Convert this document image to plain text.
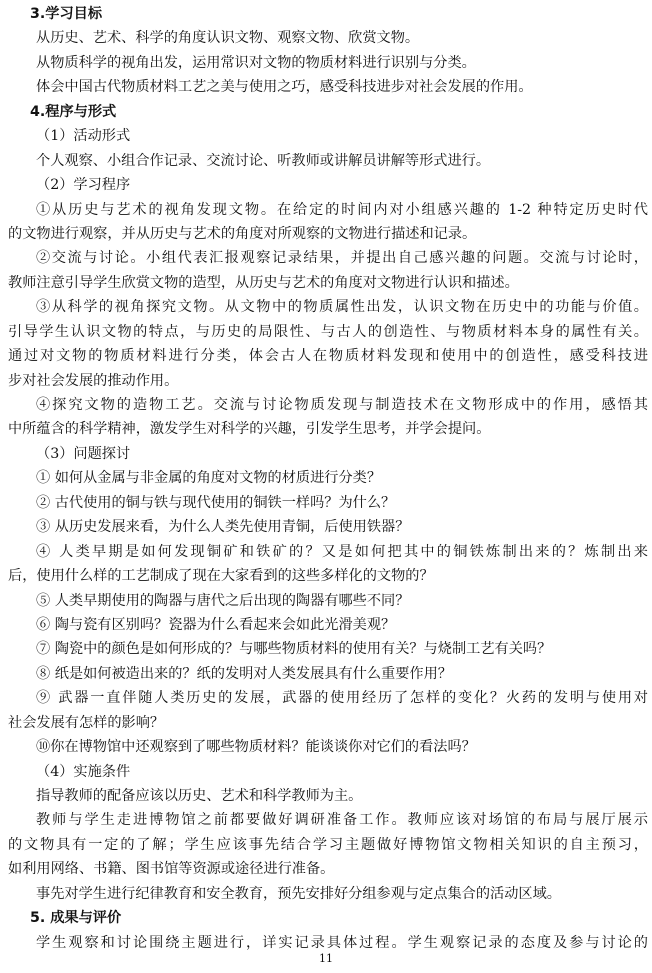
3.学习目标
从历史、艺术、科学的角度认识文物、观察文物、欣赏文物。
从物质科学的视角出发，运用常识对文物的物质材料进行识别与分类。
体会中国古代物质材料工艺之美与使用之巧，感受科技进步对社会发展的作用。
4.程序与形式
（1）活动形式
个人观察、小组合作记录、交流讨论、听教师或讲解员讲解等形式进行。
（2）学习程序
①从历史与艺术的视角发现文物。在给定的时间内对小组感兴趣的 1-2 种特定历史时代
的文物进行观察，并从历史与艺术的角度对所观察的文物进行描述和记录。
②交流与讨论。小组代表汇报观察记录结果，并提出自己感兴趣的问题。交流与讨论时，
教师注意引导学生欣赏文物的造型，从历史与艺术的角度对文物进行认识和描述。
③从科学的视角探究文物。从文物中的物质属性出发，认识文物在历史中的功能与价值。
引导学生认识文物的特点，与历史的局限性、与古人的创造性、与物质材料本身的属性有关。
通过对文物的物质材料进行分类，体会古人在物质材料发现和使用中的创造性，感受科技进
步对社会发展的推动作用。
④探究文物的造物工艺。交流与讨论物质发现与制造技术在文物形成中的作用，感悟其
中所蕴含的科学精神，激发学生对科学的兴趣，引发学生思考，并学会提问。
（3）问题探讨
① 如何从金属与非金属的角度对文物的材质进行分类？
② 古代使用的铜与铁与现代使用的铜铁一样吗？为什么？
③ 从历史发展来看，为什么人类先使用青铜，后使用铁器？
④ 人类早期是如何发现铜矿和铁矿的？又是如何把其中的铜铁炼制出来的？炼制出来
后，使用什么样的工艺制成了现在大家看到的这些多样化的文物的？
⑤ 人类早期使用的陶器与唐代之后出现的陶器有哪些不同？
⑥ 陶与瓷有区别吗？瓷器为什么看起来会如此光滑美观？
⑦ 陶瓷中的颜色是如何形成的？与哪些物质材料的使用有关？与烧制工艺有关吗？
⑧ 纸是如何被造出来的？纸的发明对人类发展具有什么重要作用？
⑨ 武器一直伴随人类历史的发展，武器的使用经历了怎样的变化？火药的发明与使用对
社会发展有怎样的影响？
⑩你在博物馆中还观察到了哪些物质材料？能谈谈你对它们的看法吗？
（4）实施条件
指导教师的配备应该以历史、艺术和科学教师为主。
教师与学生走进博物馆之前都要做好调研准备工作。教师应该对场馆的布局与展厅展示
的文物具有一定的了解；学生应该事先结合学习主题做好博物馆文物相关知识的自主预习，
如利用网络、书籍、图书馆等资源或途径进行准备。
事先对学生进行纪律教育和安全教育，预先安排好分组参观与定点集合的活动区域。
5. 成果与评价
学生观察和讨论围绕主题进行，详实记录具体过程。学生观察记录的态度及参与讨论的
11
